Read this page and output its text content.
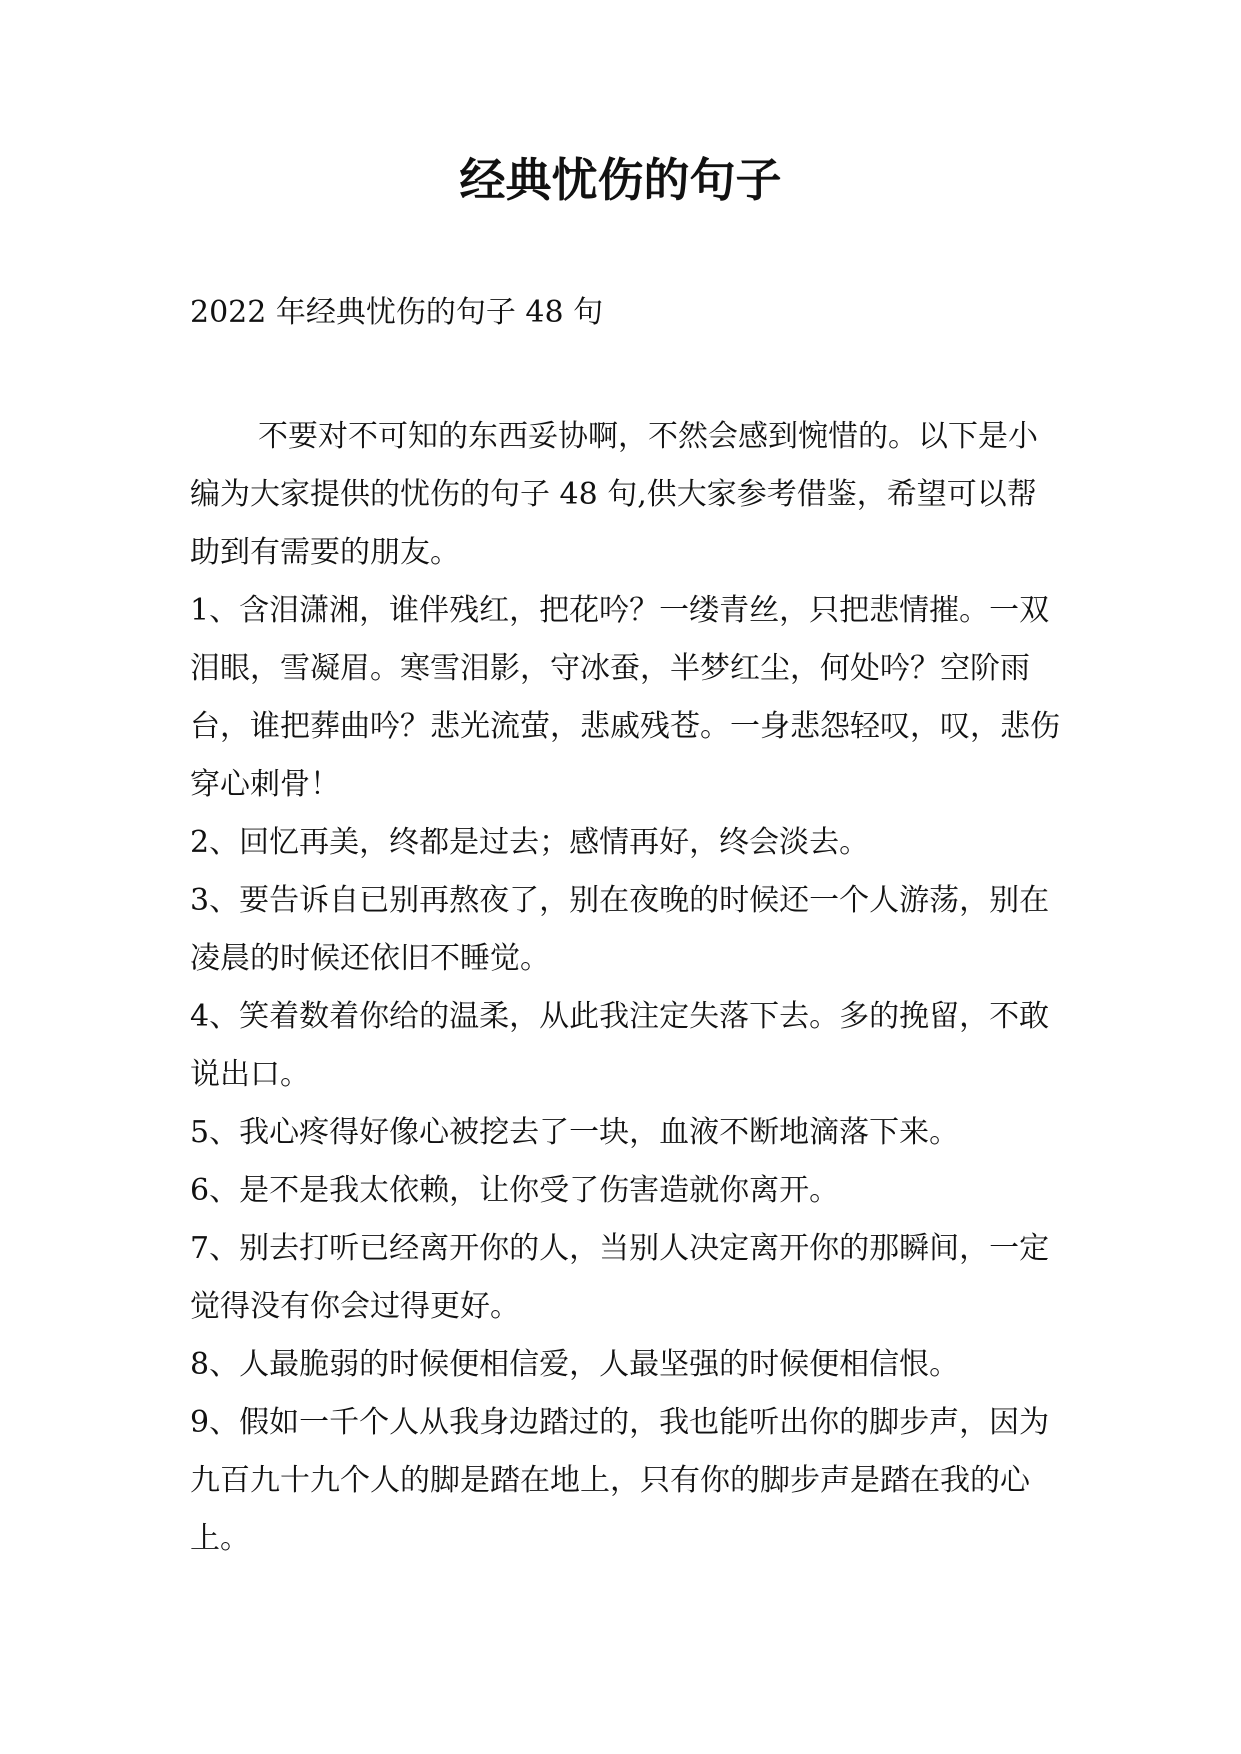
经典忧伤的句子
2022 年经典忧伤的句子 48 句

不要对不可知的东西妥协啊，不然会感到惋惜的。以下是小编为大家提供的忧伤的句子 48 句,供大家参考借鉴，希望可以帮助到有需要的朋友。

1、含泪潇湘，谁伴残红，把花吟？一缕青丝，只把悲情摧。一双泪眼，雪凝眉。寒雪泪影，守冰蚕，半梦红尘，何处吟？空阶雨台，谁把葬曲吟？悲光流萤，悲戚残苍。一身悲怨轻叹，叹，悲伤穿心刺骨！

2、回忆再美，终都是过去；感情再好，终会淡去。

3、要告诉自已别再熬夜了，别在夜晚的时候还一个人游荡，别在凌晨的时候还依旧不睡觉。

4、笑着数着你给的温柔，从此我注定失落下去。多的挽留，不敢说出口。

5、我心疼得好像心被挖去了一块，血液不断地滴落下来。

6、是不是我太依赖，让你受了伤害造就你离开。

7、别去打听已经离开你的人，当别人决定离开你的那瞬间，一定觉得没有你会过得更好。

8、人最脆弱的时候便相信爱，人最坚强的时候便相信恨。

9、假如一千个人从我身边踏过的，我也能听出你的脚步声，因为九百九十九个人的脚是踏在地上，只有你的脚步声是踏在我的心上。
